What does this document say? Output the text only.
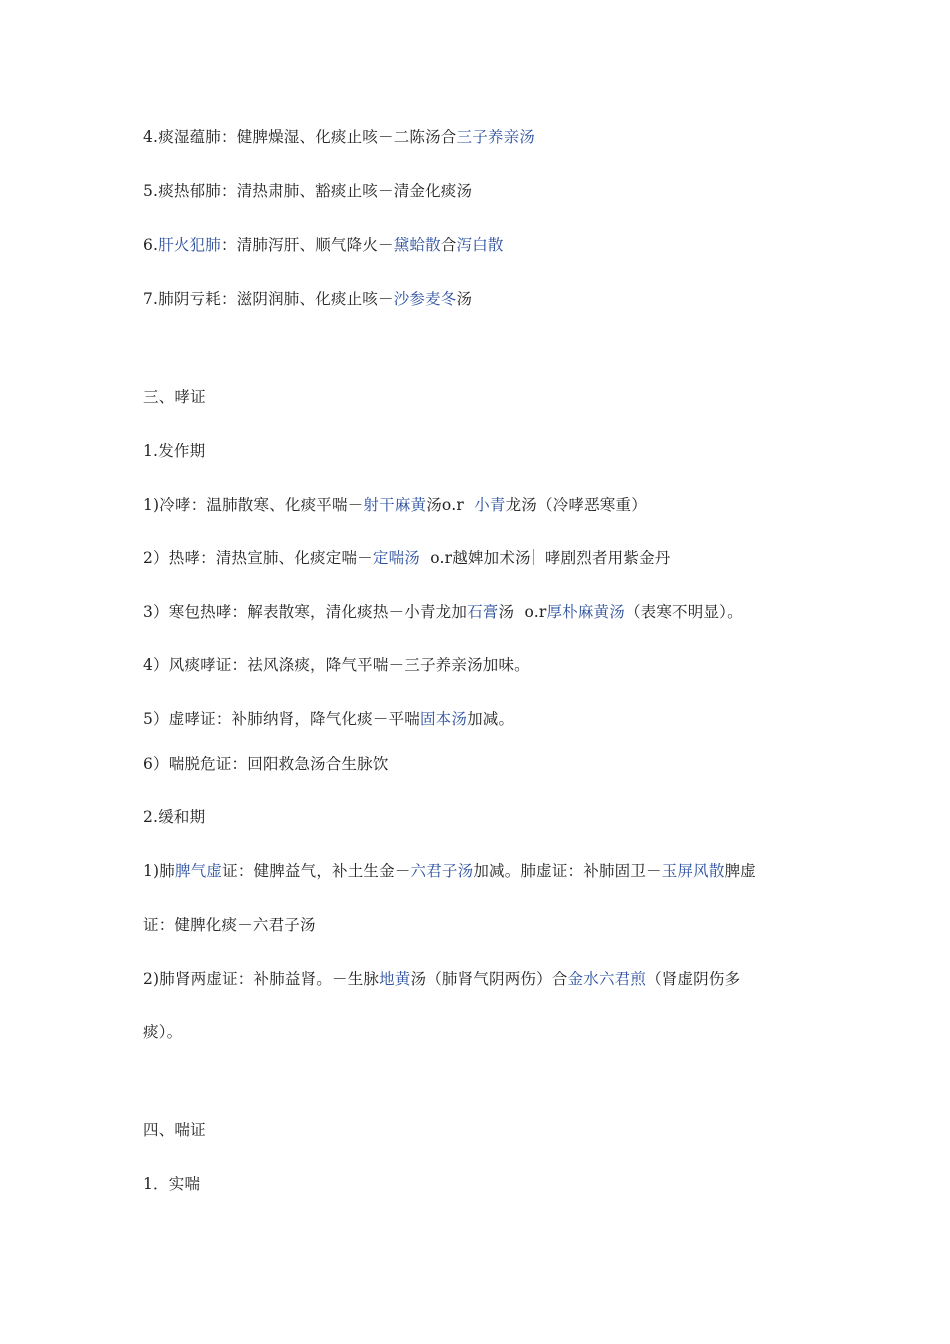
4.痰湿蕴肺：健脾燥湿、化痰止咳－二陈汤合三子养亲汤
5.痰热郁肺：清热肃肺、豁痰止咳－清金化痰汤
6.肝火犯肺：清肺泻肝、顺气降火－黛蛤散合泻白散
7.肺阴亏耗：滋阴润肺、化痰止咳－沙参麦冬汤
三、哮证
1.发作期
1)冷哮：温肺散寒、化痰平喘－射干麻黄汤o.r  小青龙汤（冷哮恶寒重）
2）热哮：清热宣肺、化痰定喘－定喘汤  o.r越婢加术汤 哮剧烈者用紫金丹
3）寒包热哮：解表散寒，清化痰热－小青龙加石膏汤  o.r厚朴麻黄汤（表寒不明显）。
4）风痰哮证：祛风涤痰，降气平喘－三子养亲汤加味。
5）虚哮证：补肺纳肾，降气化痰－平喘固本汤加减。
6）喘脱危证：回阳救急汤合生脉饮
2.缓和期
1)肺脾气虚证：健脾益气，补土生金－六君子汤加减。肺虚证：补肺固卫－玉屏风散脾虚
证：健脾化痰－六君子汤
2)肺肾两虚证：补肺益肾。－生脉地黄汤（肺肾气阴两伤）合金水六君煎（肾虚阴伤多
痰）。
四、喘证
1．实喘
